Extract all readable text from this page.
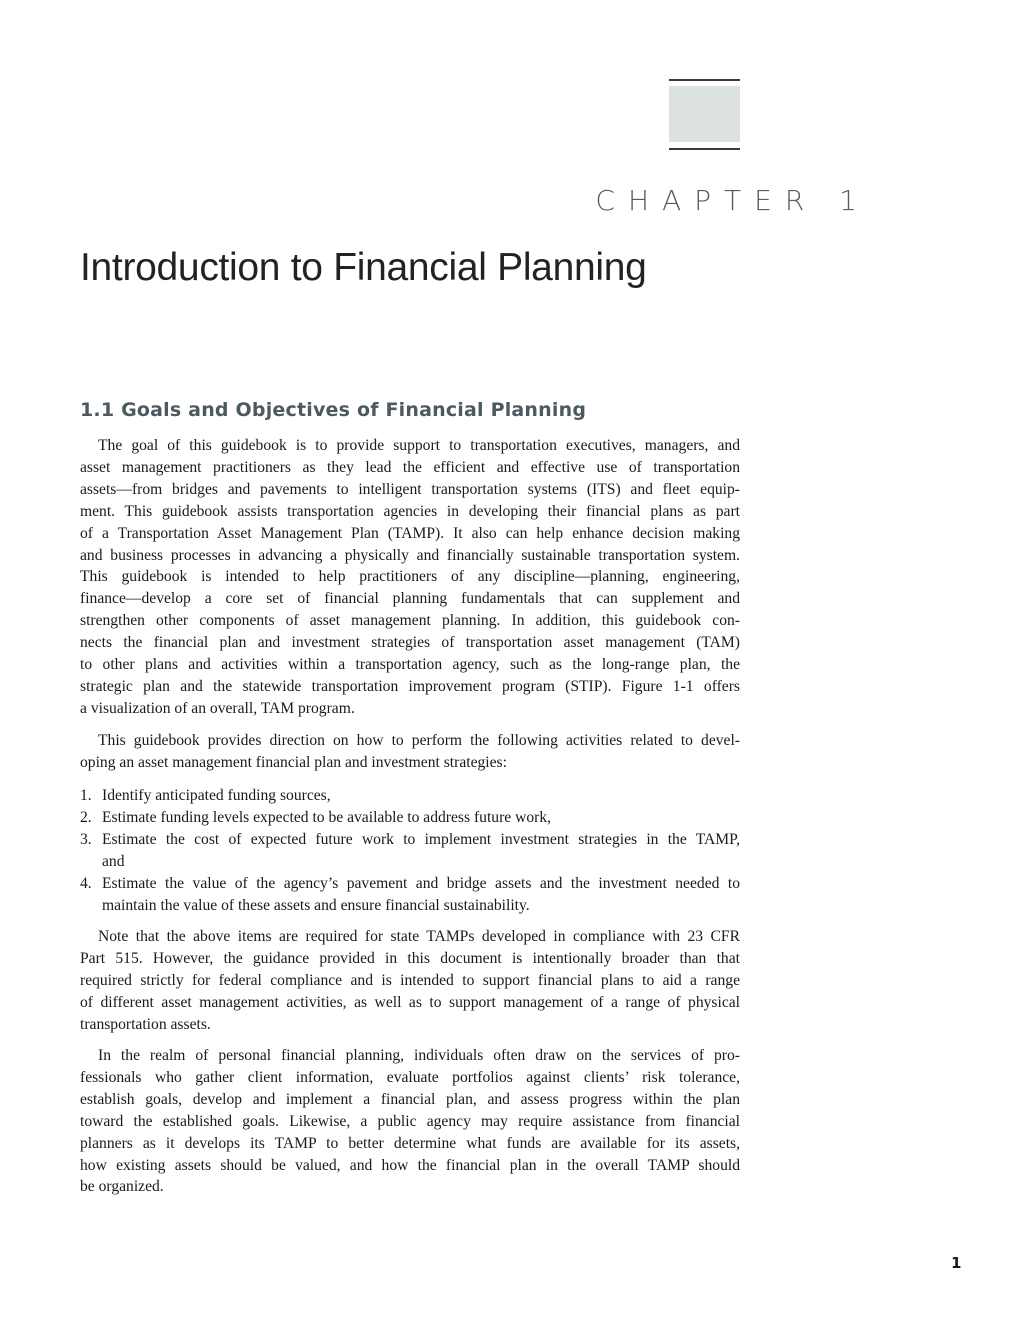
CHAPTER 1
Introduction to Financial Planning
1.1 Goals and Objectives of Financial Planning
The goal of this guidebook is to provide support to transportation executives, managers, and
asset management practitioners as they lead the efficient and effective use of transportation
assets—from bridges and pavements to intelligent transportation systems (ITS) and fleet equip-
ment. This guidebook assists transportation agencies in developing their financial plans as part
of a Transportation Asset Management Plan (TAMP). It also can help enhance decision making
and business processes in advancing a physically and financially sustainable transportation system.
This guidebook is intended to help practitioners of any discipline—planning, engineering,
finance—develop a core set of financial planning fundamentals that can supplement and
strengthen other components of asset management planning. In addition, this guidebook con-
nects the financial plan and investment strategies of transportation asset management (TAM)
to other plans and activities within a transportation agency, such as the long-range plan, the
strategic plan and the statewide transportation improvement program (STIP). Figure 1-1 offers
a visualization of an overall, TAM program.
This guidebook provides direction on how to perform the following activities related to devel-
oping an asset management financial plan and investment strategies:
1. Identify anticipated funding sources,
2. Estimate funding levels expected to be available to address future work,
3. Estimate the cost of expected future work to implement investment strategies in the TAMP,
and
4. Estimate the value of the agency’s pavement and bridge assets and the investment needed to
maintain the value of these assets and ensure financial sustainability.
Note that the above items are required for state TAMPs developed in compliance with 23 CFR
Part 515. However, the guidance provided in this document is intentionally broader than that
required strictly for federal compliance and is intended to support financial plans to aid a range
of different asset management activities, as well as to support management of a range of physical
transportation assets.
In the realm of personal financial planning, individuals often draw on the services of pro-
fessionals who gather client information, evaluate portfolios against clients’ risk tolerance,
establish goals, develop and implement a financial plan, and assess progress within the plan
toward the established goals. Likewise, a public agency may require assistance from financial
planners as it develops its TAMP to better determine what funds are available for its assets,
how existing assets should be valued, and how the financial plan in the overall TAMP should
be organized.
1
